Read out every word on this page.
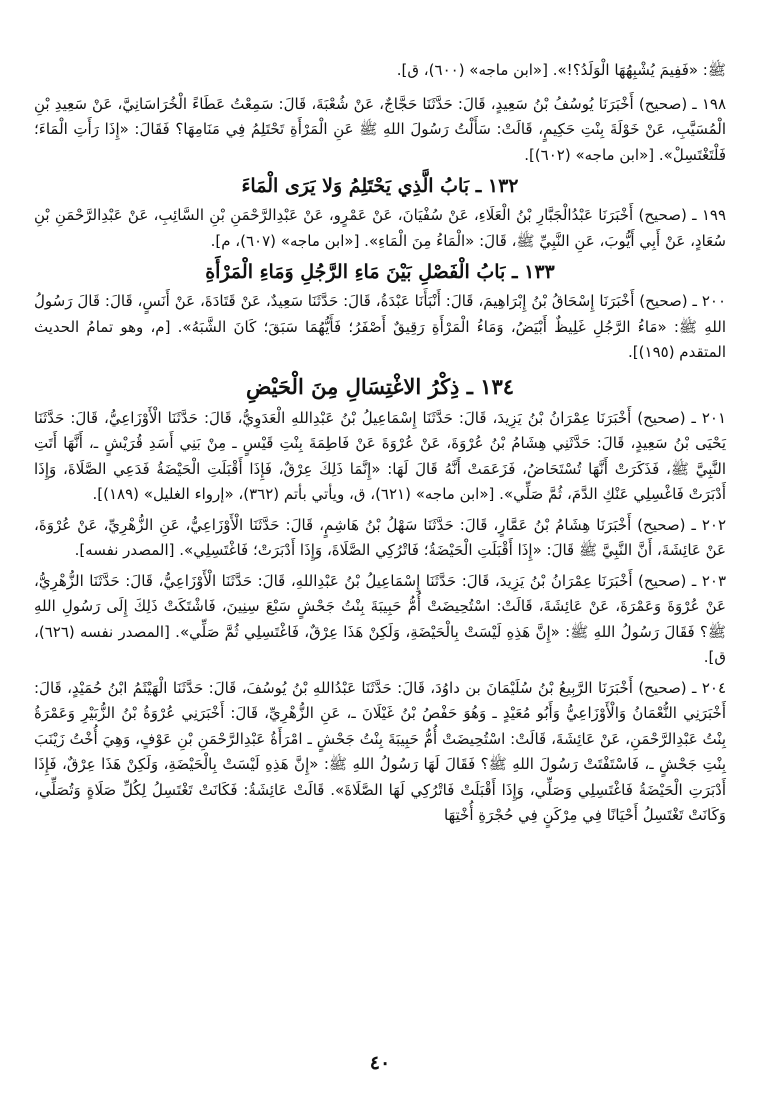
ﷺ: «فَفِيمَ يُشْبِهُهَا الْوَلَدُ؟!». [«ابن ماجه» (٦٠٠)، ق].
١٩٨ ـ (صحيح) أَخْبَرَنَا يُوسُفُ بْنُ سَعِيدٍ، قَالَ: حَدَّثَنَا حَجَّاجٌ، عَنْ شُعْبَةَ، قَالَ: سَمِعْتُ عَطَاءً الْخُرَاسَانِيَّ، عَنْ سَعِيدِ بْنِ الْمُسَيَّبِ، عَنْ خَوْلَةَ بِنْتِ حَكِيمٍ، قَالَتْ: سَأَلْتُ رَسُولَ اللهِ ﷺ عَنِ الْمَرْأَةِ تَحْتَلِمُ فِي مَنَامِهَا؟ فَقَالَ: «إِذَا رَأَتِ الْمَاءَ؛ فَلْتَغْتَسِلْ». [«ابن ماجه» (٦٠٢)].
١٣٢ ـ بَابُ الَّذِي يَحْتَلِمُ وَلا يَرَى الْمَاءَ
١٩٩ ـ (صحيح) أَخْبَرَنَا عَبْدُالْجَبَّارِ بْنُ الْعَلَاءِ، عَنْ سُفْيَانَ، عَنْ عَمْرٍو، عَنْ عَبْدِالرَّحْمَنِ بْنِ السَّائِبِ، عَنْ عَبْدِالرَّحْمَنِ بْنِ سُعَادٍ، عَنْ أَبِي أَيُّوبَ، عَنِ النَّبِيِّ ﷺ، قَالَ: «الْمَاءُ مِنَ الْمَاءِ». [«ابن ماجه» (٦٠٧)، م].
١٣٣ ـ بَابُ الْفَصْلِ بَيْنَ مَاءِ الرَّجُلِ وَمَاءِ الْمَرْأَةِ
٢٠٠ ـ (صحيح) أَخْبَرَنَا إِسْحَاقُ بْنُ إِبْرَاهِيمَ، قَالَ: أَنْبَأَنَا عَبْدَةُ، قَالَ: حَدَّثَنَا سَعِيدٌ، عَنْ قَتَادَةَ، عَنْ أَنَسٍ، قَالَ: قَالَ رَسُولُ اللهِ ﷺ: «مَاءُ الرَّجُلِ غَلِيظٌ أَبْيَضُ، وَمَاءُ الْمَرْأَةِ رَقِيقٌ أَصْفَرُ؛ فَأَيُّهُمَا سَبَقَ؛ كَانَ الشَّبَهُ». [م، وهو تمامُ الحديث المتقدم (١٩٥)].
١٣٤ ـ ذِكْرُ الاغْتِسَالِ مِنَ الْحَيْضِ
٢٠١ ـ (صحيح) أَخْبَرَنَا عِمْرَانُ بْنُ يَزِيدَ، قَالَ: حَدَّثَنَا إِسْمَاعِيلُ بْنُ عَبْدِاللهِ الْعَدَوِيُّ، قَالَ: حَدَّثَنَا الْأَوْزَاعِيُّ، قَالَ: حَدَّثَنَا يَحْيَى بْنُ سَعِيدٍ، قَالَ: حَدَّثَنِي هِشَامُ بْنُ عُرْوَةَ، عَنْ عُرْوَةَ عَنْ فَاطِمَةَ بِنْتِ قَيْسٍ ـ مِنْ بَنِي أَسَدِ قُرَيْشٍ ـ، أَنَّهَا أَتَتِ النَّبِيَّ ﷺ، فَذَكَرَتْ أَنَّهَا تُسْتَحَاضُ، فَزَعَمَتْ أَنَّهُ قَالَ لَهَا: «إِنَّمَا ذَلِكَ عِرْقٌ، فَإِذَا أَقْبَلَتِ الْحَيْضَةُ فَدَعِي الصَّلَاةَ، وَإِذَا أَدْبَرَتْ فَاغْسِلِي عَنْكِ الدَّمَ، ثُمَّ صَلِّي». [«ابن ماجه» (٦٢١)، ق، ويأتي بأتم (٣٦٢)، «إرواء الغليل» (١٨٩)].
٢٠٢ ـ (صحيح) أَخْبَرَنَا هِشَامُ بْنُ عَمَّارٍ، قَالَ: حَدَّثَنَا سَهْلُ بْنُ هَاشِمٍ، قَالَ: حَدَّثَنَا الْأَوْزَاعِيُّ، عَنِ الزُّهْرِيِّ، عَنْ عُرْوَةَ، عَنْ عَائِشَةَ، أَنَّ النَّبِيَّ ﷺ قَالَ: «إِذَا أَقْبَلَتِ الْحَيْضَةُ؛ فَاتْرُكِي الصَّلَاةَ، وَإِذَا أَدْبَرَتْ؛ فَاغْتَسِلِي». [المصدر نفسه].
٢٠٣ ـ (صحيح) أَخْبَرَنَا عِمْرَانُ بْنُ يَزِيدَ، قَالَ: حَدَّثَنَا إِسْمَاعِيلُ بْنُ عَبْدِاللهِ، قَالَ: حَدَّثَنَا الْأَوْزَاعِيُّ، قَالَ: حَدَّثَنَا الزُّهْرِيُّ، عَنْ عُرْوَةَ وَعَمْرَةَ، عَنْ عَائِشَةَ، قَالَتْ: اسْتُحِيضَتْ أُمُّ حَبِيبَةَ بِنْتُ جَحْشٍ سَبْعَ سِنِينَ، فَاشْتَكَتْ ذَلِكَ إِلَى رَسُولِ اللهِ ﷺ؟ فَقَالَ رَسُولُ اللهِ ﷺ: «إِنَّ هَذِهِ لَيْسَتْ بِالْحَيْضَةِ، وَلَكِنْ هَذَا عِرْقٌ، فَاغْتَسِلِي ثُمَّ صَلِّي». [المصدر نفسه (٦٢٦)، ق].
٢٠٤ ـ (صحيح) أَخْبَرَنَا الرَّبِيعُ بْنُ سُلَيْمَانَ بن داوُدَ، قَالَ: حَدَّثَنَا عَبْدُاللهِ بْنُ يُوسُفَ، قَالَ: حَدَّثَنَا الْهَيْثَمُ ابْنُ حُمَيْدٍ، قَالَ: أَخْبَرَنِي النُّعْمَانُ وَالْأَوْزَاعِيُّ وَأَبُو مُعَيْدٍ ـ وَهُوَ حَفْصُ بْنُ غَيْلَانَ ـ، عَنِ الزُّهْرِيِّ، قَالَ: أَخْبَرَنِي عُرْوَةُ بْنُ الزُّبَيْرِ وَعَمْرَةُ بِنْتُ عَبْدِالرَّحْمَنِ، عَنْ عَائِشَةَ، قَالَتْ: اسْتُحِيضَتْ أُمُّ حَبِيبَةَ بِنْتُ جَحْشٍ ـ امْرَأَةُ عَبْدِالرَّحْمَنِ بْنِ عَوْفٍ، وَهِيَ أُخْتُ زَيْنَبَ بِنْتِ جَحْشٍ ـ، فَاسْتَفْتَتْ رَسُولَ اللهِ ﷺ؟ فَقَالَ لَهَا رَسُولُ اللهِ ﷺ: «إِنَّ هَذِهِ لَيْسَتْ بِالْحَيْضَةِ، وَلَكِنْ هَذَا عِرْقٌ، فَإِذَا أَدْبَرَتِ الْحَيْضَةُ فَاغْتَسِلِي وَصَلِّي، وَإِذَا أَقْبَلَتْ فَاتْرُكِي لَهَا الصَّلَاةَ». قَالَتْ عَائِشَةُ: فَكَانَتْ تَغْتَسِلُ لِكُلِّ صَلَاةٍ وَتُصَلِّي، وَكَانَتْ تَغْتَسِلُ أَحْيَانًا فِي مِرْكَنٍ فِي حُجْرَةِ أُخْتِهَا
٤٠
